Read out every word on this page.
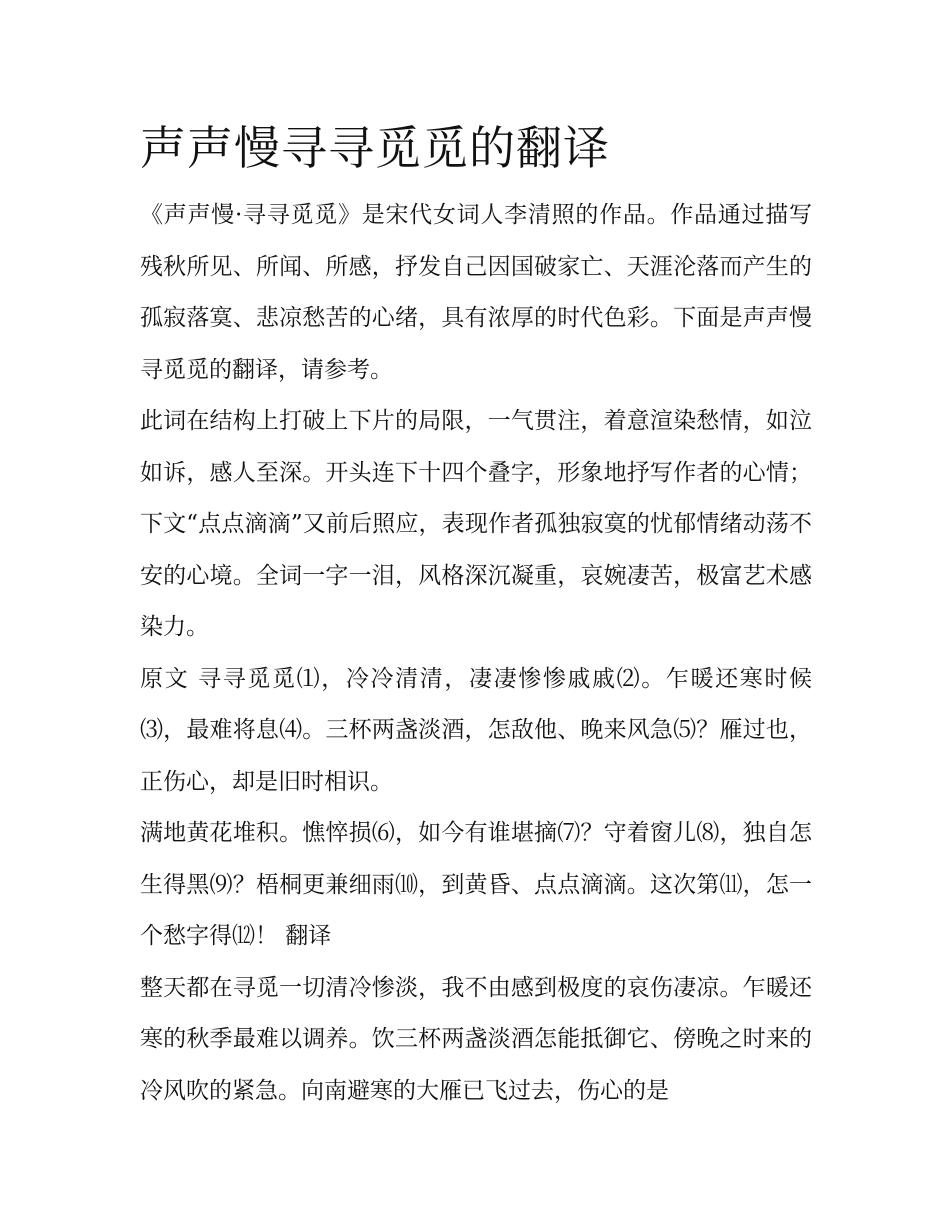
声声慢寻寻觅觅的翻译

《声声慢·寻寻觅觅》是宋代女词人李清照的作品。作品通过描写残秋所见、所闻、所感，抒发自己因国破家亡、天涯沦落而产生的孤寂落寞、悲凉愁苦的心绪，具有浓厚的时代色彩。下面是声声慢寻觅觅的翻译，请参考。

此词在结构上打破上下片的局限，一气贯注，着意渲染愁情，如泣如诉，感人至深。开头连下十四个叠字，形象地抒写作者的心情；下文“点点滴滴”又前后照应，表现作者孤独寂寞的忧郁情绪动荡不安的心境。全词一字一泪，风格深沉凝重，哀婉凄苦，极富艺术感染力。

原文 寻寻觅觅⑴，冷冷清清，凄凄惨惨戚戚⑵。乍暖还寒时候⑶，最难将息⑷。三杯两盏淡酒，怎敌他、晚来风急⑸？雁过也，正伤心，却是旧时相识。

满地黄花堆积。憔悴损⑹，如今有谁堪摘⑺？守着窗儿⑻，独自怎生得黑⑼？梧桐更兼细雨⑽，到黄昏、点点滴滴。这次第⑾，怎一个愁字得⑿！ 翻译

整天都在寻觅一切清冷惨淡，我不由感到极度的哀伤凄凉。乍暖还寒的秋季最难以调养。饮三杯两盏淡酒怎能抵御它、傍晚之时来的冷风吹的紧急。向南避寒的大雁已飞过去，伤心的是
